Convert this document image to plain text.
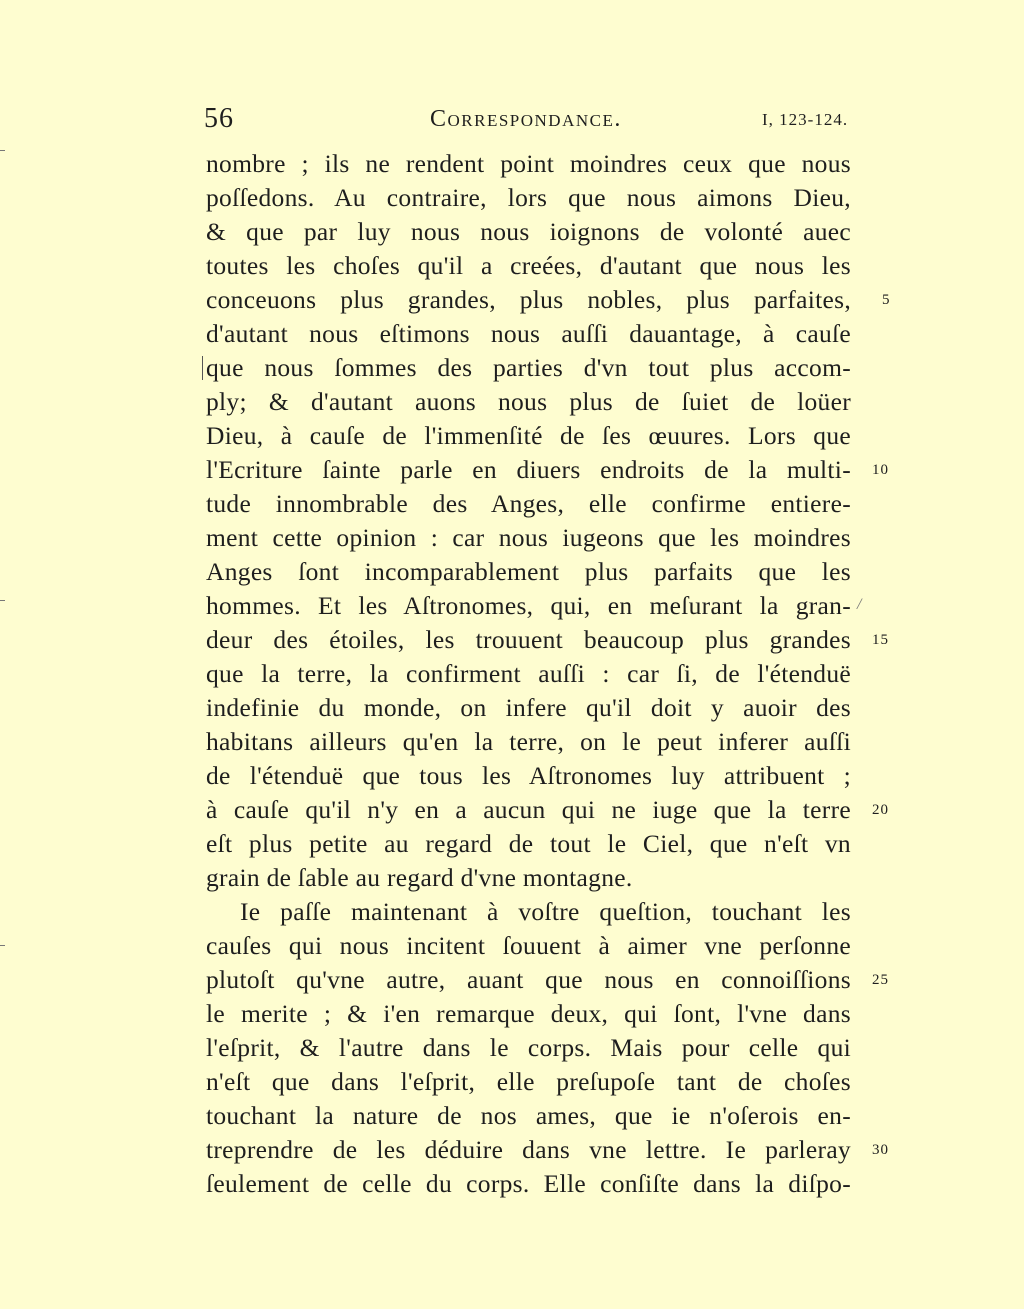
56	Correspondance.	I, 123-124.
nombre ; ils ne rendent point moindres ceux que nous
poſſedons. Au contraire, lors que nous aimons Dieu,
& que par luy nous nous ioignons de volonté auec
toutes les choſes qu'il a creées, d'autant que nous les
conceuons plus grandes, plus nobles, plus parfaites,
d'autant nous eſtimons nous auſſi dauantage, à cauſe
que nous ſommes des parties d'vn tout plus accom-
ply; & d'autant auons nous plus de ſuiet de loüer
Dieu, à cauſe de l'immenſité de ſes œuures. Lors que
l'Ecriture ſainte parle en diuers endroits de la multi-
tude innombrable des Anges, elle confirme entiere-
ment cette opinion : car nous iugeons que les moindres
Anges ſont incomparablement plus parfaits que les
hommes. Et les Aſtronomes, qui, en meſurant la gran-
deur des étoiles, les trouuent beaucoup plus grandes
que la terre, la confirment auſſi : car ſi, de l'étenduë
indefinie du monde, on infere qu'il doit y auoir des
habitans ailleurs qu'en la terre, on le peut inferer auſſi
de l'étenduë que tous les Aſtronomes luy attribuent ;
à cauſe qu'il n'y en a aucun qui ne iuge que la terre
eſt plus petite au regard de tout le Ciel, que n'eſt vn
grain de ſable au regard d'vne montagne.
Ie paſſe maintenant à voſtre queſtion, touchant les
cauſes qui nous incitent ſouuent à aimer vne perſonne
plutoſt qu'vne autre, auant que nous en connoiſſions
le merite ; & i'en remarque deux, qui ſont, l'vne dans
l'eſprit, & l'autre dans le corps. Mais pour celle qui
n'eſt que dans l'eſprit, elle preſupoſe tant de choſes
touchant la nature de nos ames, que ie n'oſerois en-
treprendre de les déduire dans vne lettre. Ie parleray
ſeulement de celle du corps. Elle conſiſte dans la diſpo-
5
10
15
20
25
30
/
